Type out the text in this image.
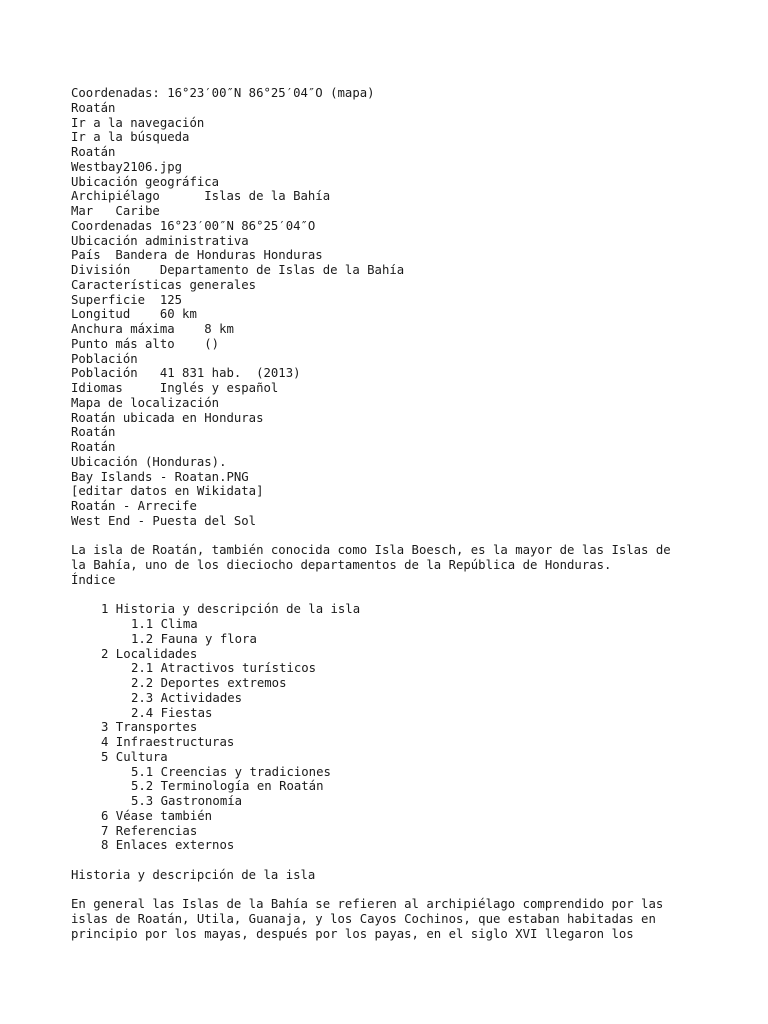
Coordenadas: 16°23′00″N 86°25′04″O (mapa)
Roatán
Ir a la navegación
Ir a la búsqueda
Roatán
Westbay2106.jpg
Ubicación geográfica
Archipiélago      Islas de la Bahía
Mar   Caribe
Coordenadas 16°23′00″N 86°25′04″O
Ubicación administrativa
País  Bandera de Honduras Honduras
División    Departamento de Islas de la Bahía
Características generales
Superficie  125
Longitud    60 km
Anchura máxima    8 km
Punto más alto    ()
Población
Población   41 831 hab.  (2013)
Idiomas     Inglés y español
Mapa de localización
Roatán ubicada en Honduras
Roatán
Roatán
Ubicación (Honduras).
Bay Islands - Roatan.PNG
[editar datos en Wikidata]
Roatán - Arrecife
West End - Puesta del Sol
La isla de Roatán, también conocida como Isla Boesch, es la mayor de las Islas de
la Bahía, uno de los dieciocho departamentos de la República de Honduras.
Índice
1 Historia y descripción de la isla
1.1 Clima
1.2 Fauna y flora
2 Localidades
2.1 Atractivos turísticos
2.2 Deportes extremos
2.3 Actividades
2.4 Fiestas
3 Transportes
4 Infraestructuras
5 Cultura
5.1 Creencias y tradiciones
5.2 Terminología en Roatán
5.3 Gastronomía
6 Véase también
7 Referencias
8 Enlaces externos
Historia y descripción de la isla
En general las Islas de la Bahía se refieren al archipiélago comprendido por las
islas de Roatán, Utila, Guanaja, y los Cayos Cochinos, que estaban habitadas en
principio por los mayas, después por los payas, en el siglo XVI llegaron los
